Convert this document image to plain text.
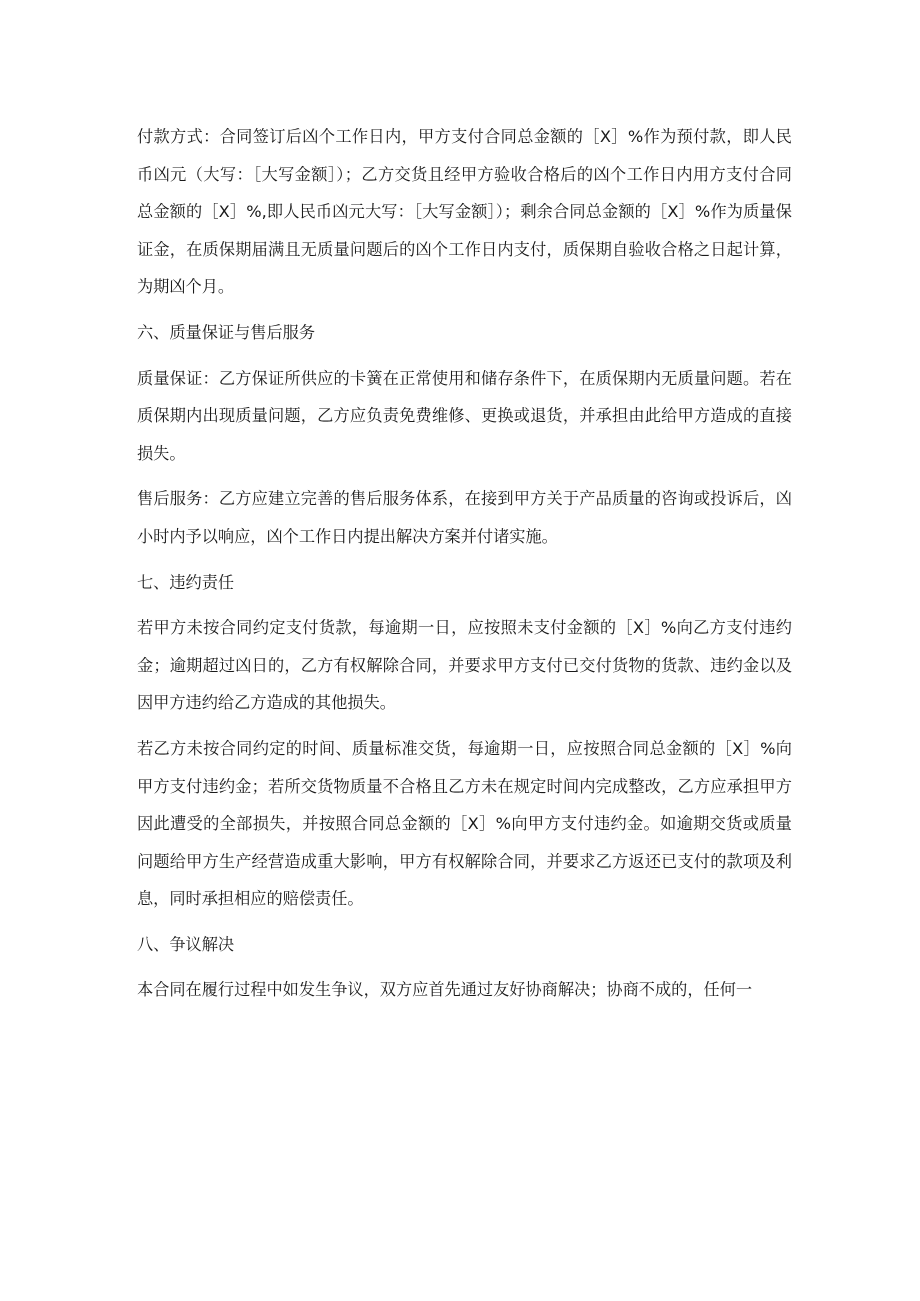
付款方式：合同签订后凶个工作日内，甲方支付合同总金额的［X］%作为预付款，即人民币凶元（大写：［大写金额］）；乙方交货且经甲方验收合格后的凶个工作日内用方支付合同总金额的［X］%,即人民币凶元大写：［大写金额］）；剩余合同总金额的［X］%作为质量保证金，在质保期届满且无质量问题后的凶个工作日内支付，质保期自验收合格之日起计算，为期凶个月。

六、质量保证与售后服务

质量保证：乙方保证所供应的卡簧在正常使用和储存条件下，在质保期内无质量问题。若在质保期内出现质量问题，乙方应负责免费维修、更换或退货，并承担由此给甲方造成的直接损失。

售后服务：乙方应建立完善的售后服务体系，在接到甲方关于产品质量的咨询或投诉后，凶小时内予以响应，凶个工作日内提出解决方案并付诸实施。

七、违约责任

若甲方未按合同约定支付货款，每逾期一日，应按照未支付金额的［X］%向乙方支付违约金；逾期超过凶日的，乙方有权解除合同，并要求甲方支付已交付货物的货款、违约金以及因甲方违约给乙方造成的其他损失。

若乙方未按合同约定的时间、质量标准交货，每逾期一日，应按照合同总金额的［X］%向甲方支付违约金；若所交货物质量不合格且乙方未在规定时间内完成整改，乙方应承担甲方因此遭受的全部损失，并按照合同总金额的［X］%向甲方支付违约金。如逾期交货或质量问题给甲方生产经营造成重大影响，甲方有权解除合同，并要求乙方返还已支付的款项及利息，同时承担相应的赔偿责任。

八、争议解决

本合同在履行过程中如发生争议，双方应首先通过友好协商解决；协商不成的，任何一
